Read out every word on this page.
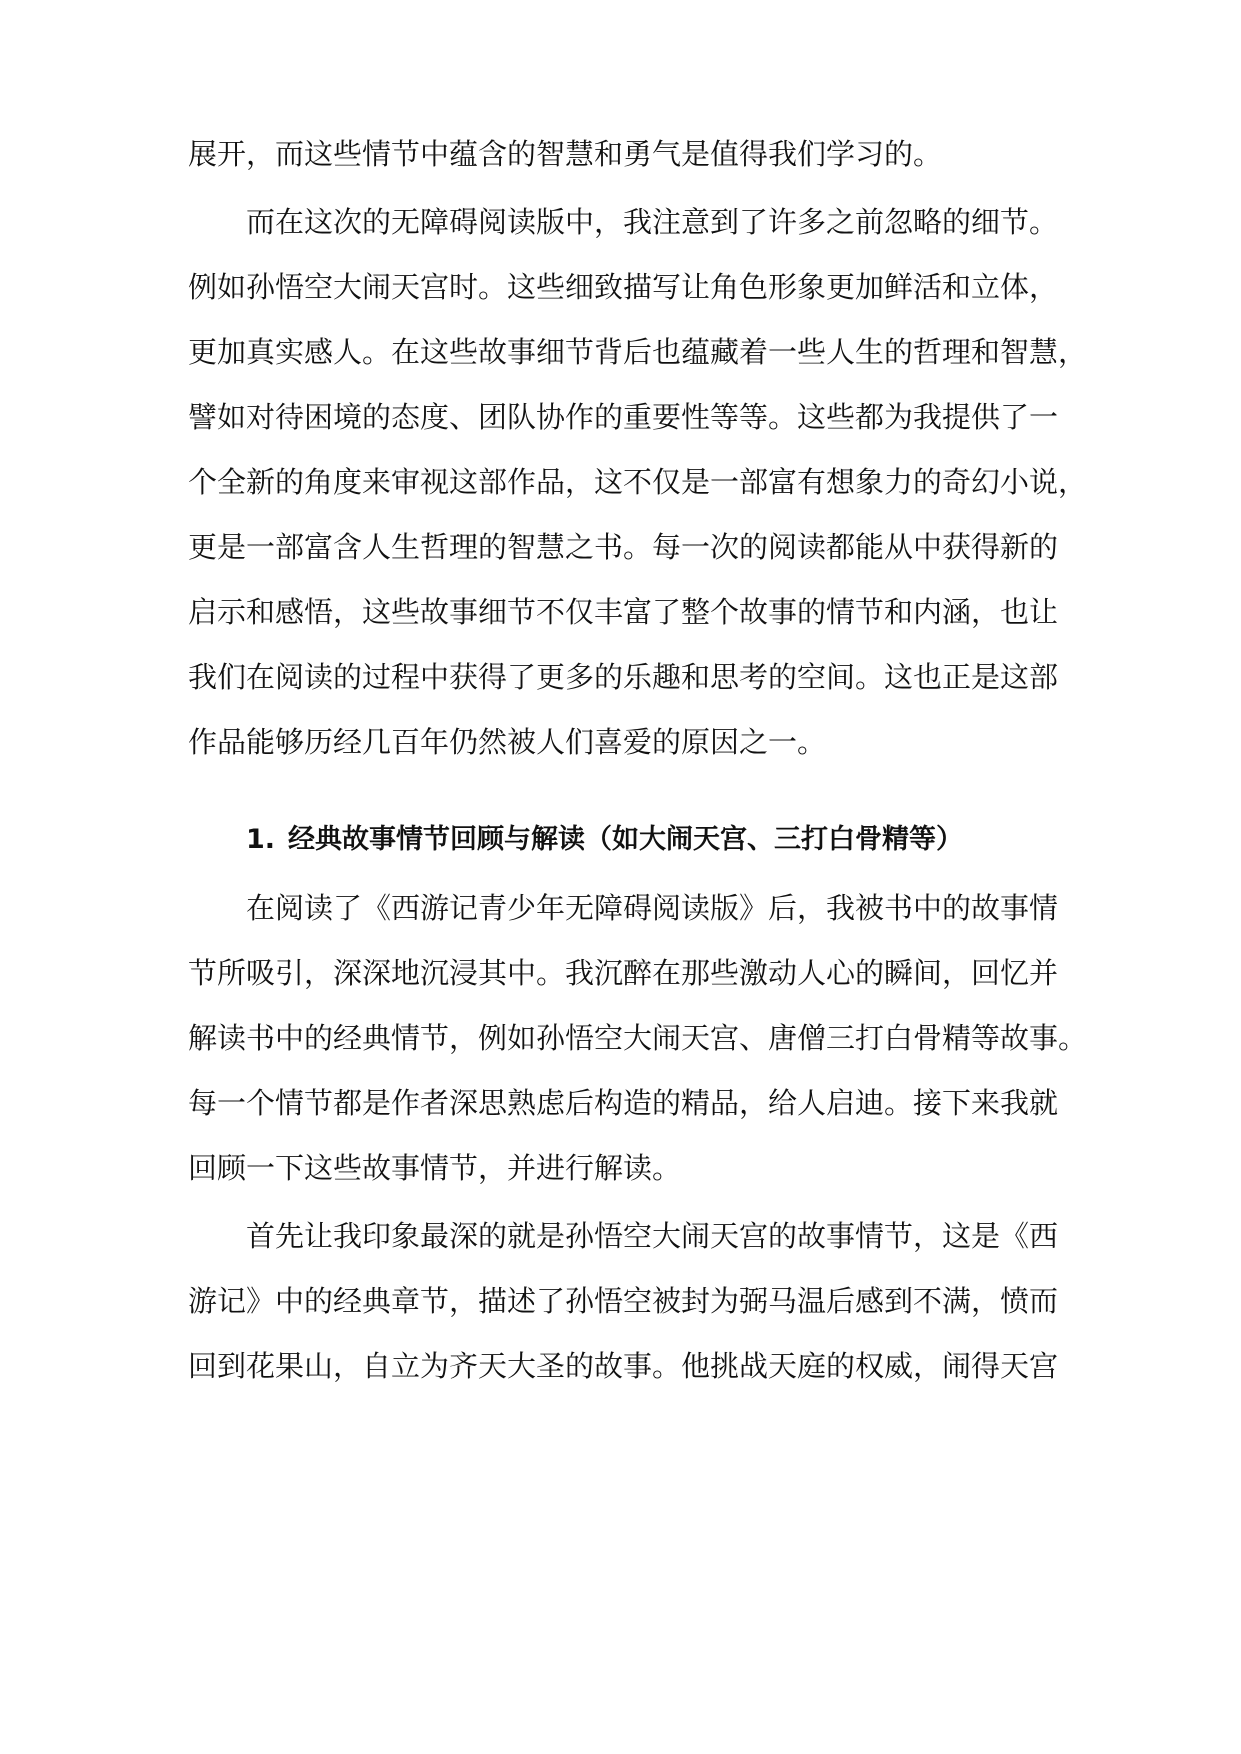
展开，而这些情节中蕴含的智慧和勇气是值得我们学习的。
而在这次的无障碍阅读版中，我注意到了许多之前忽略的细节。
例如孙悟空大闹天宫时。这些细致描写让角色形象更加鲜活和立体，
更加真实感人。在这些故事细节背后也蕴藏着一些人生的哲理和智慧，
譬如对待困境的态度、团队协作的重要性等等。这些都为我提供了一
个全新的角度来审视这部作品，这不仅是一部富有想象力的奇幻小说，
更是一部富含人生哲理的智慧之书。每一次的阅读都能从中获得新的
启示和感悟，这些故事细节不仅丰富了整个故事的情节和内涵，也让
我们在阅读的过程中获得了更多的乐趣和思考的空间。这也正是这部
作品能够历经几百年仍然被人们喜爱的原因之一。
1. 经典故事情节回顾与解读（如大闹天宫、三打白骨精等）
在阅读了《西游记青少年无障碍阅读版》后，我被书中的故事情
节所吸引，深深地沉浸其中。我沉醉在那些激动人心的瞬间，回忆并
解读书中的经典情节，例如孙悟空大闹天宫、唐僧三打白骨精等故事。
每一个情节都是作者深思熟虑后构造的精品，给人启迪。接下来我就
回顾一下这些故事情节，并进行解读。
首先让我印象最深的就是孙悟空大闹天宫的故事情节，这是《西
游记》中的经典章节，描述了孙悟空被封为弼马温后感到不满，愤而
回到花果山，自立为齐天大圣的故事。他挑战天庭的权威，闹得天宫
